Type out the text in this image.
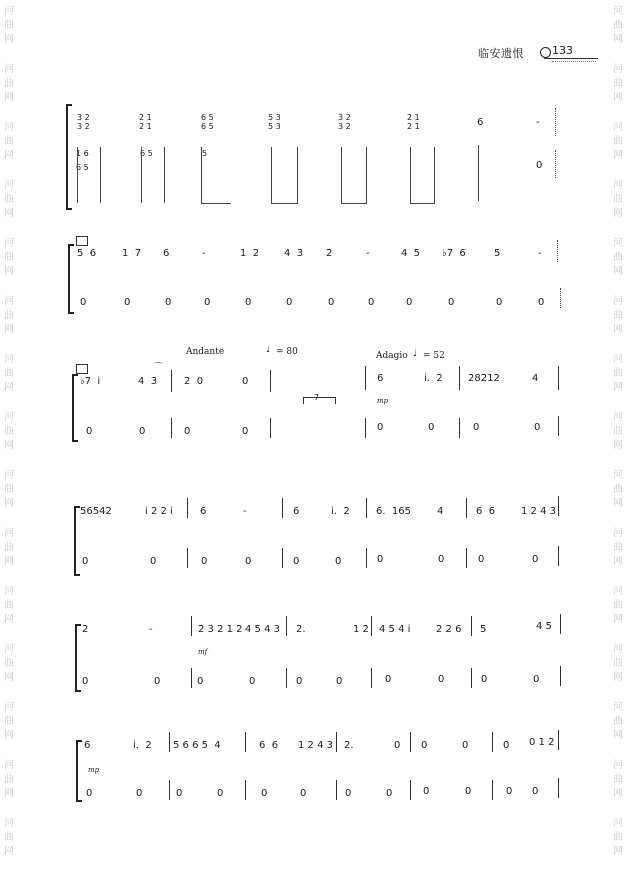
河
曲
网
河
曲
网
河
曲
网
河
曲
网
河
曲
网
河
曲
网
河
曲
网
河
曲
网
河
曲
网
河
曲
网
河
曲
网
河
曲
网
河
曲
网
河
曲
网
河
曲
网
河
曲
网
河
曲
网
河
曲
网
河
曲
网
河
曲
网
河
曲
网
河
曲
网
河
曲
网
河
曲
网
河
曲
网
河
曲
网
河
曲
网
河
曲
网
河
曲
网
河
曲
网
临安遗恨	133
3 2
3 2
2 1
2 1
6 5
6 5
5 3
5 3
3 2
3 2
2 1
2 1	6	-
1 6
6 5
6 5	5
0
5  6	1  7 6	-	1  2 4  3 2	-	4  5 ♭7  6	5	-
0	0	0	0	0	0	0	0	0	0	0	0
Andante	♩ = 80	Adagio ♩ = 52
♭7  i	4  3
⌒
2  0	0
7
6
mp
i.  2	28212	4
0	0	0	0	0	0	0	0
56542	i 2 2 i	6	-	6	i.  2	6.  165	4	6  6	1 2 4 3
0	0	0	0	0	0	0	0	0	0
2	-	2 3 2 1 2 4 5 4 3
mf
2.	1 2 4 5 4 i	2 2 6 5	4 5
0	0	0	0	0	0	0	0	0	0
6
mp
i.  2 5 6 6 5  4	6  6 1 2 4 3 2.	0 0	0	0 0 1 2
0	0	0	0	0	0	0	0	0	0	0 0
